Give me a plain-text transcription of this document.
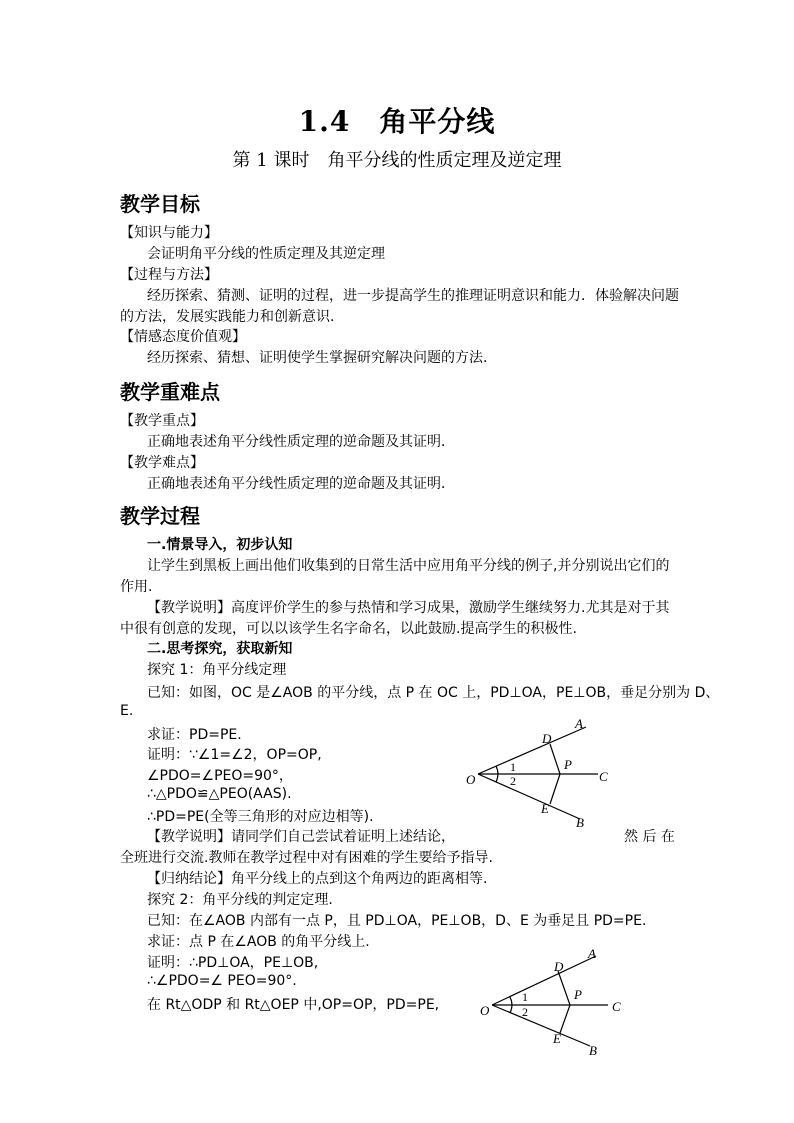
1.4　角平分线
第 1 课时　角平分线的性质定理及逆定理
教学目标
【知识与能力】
会证明角平分线的性质定理及其逆定理
【过程与方法】
经历探索、猜测、证明的过程，进一步提高学生的推理证明意识和能力．体验解决问题
的方法，发展实践能力和创新意识．
【情感态度价值观】
经历探索、猜想、证明使学生掌握研究解决问题的方法．
教学重难点
【教学重点】
正确地表述角平分线性质定理的逆命题及其证明．
【教学难点】
正确地表述角平分线性质定理的逆命题及其证明．
教学过程
一.情景导入，初步认知
让学生到黑板上画出他们收集到的日常生活中应用角平分线的例子,并分别说出它们的
作用.
【教学说明】高度评价学生的参与热情和学习成果，激励学生继续努力.尤其是对于其
中很有创意的发现，可以以该学生名字命名，以此鼓励.提高学生的积极性.
二.思考探究，获取新知
探究 1：角平分线定理
已知：如图，OC 是∠AOB 的平分线，点 P 在 OC 上，PD⊥OA，PE⊥OB，垂足分别为 D、
E.
求证：PD=PE.
证明：∵∠1=∠2，OP=OP,
∠PDO=∠PEO=90°，
∴△PDO≌△PEO(AAS).
∴PD=PE(全等三角形的对应边相等).
【教学说明】请同学们自己尝试着证明上述结论，	然 后 在
全班进行交流.教师在教学过程中对有困难的学生要给予指导.
【归纳结论】角平分线上的点到这个角两边的距离相等.
探究 2：角平分线的判定定理.
已知：在∠AOB 内部有一点 P，且 PD⊥OA，PE⊥OB，D、E 为垂足且 PD=PE.
求证：点 P 在∠AOB 的角平分线上.
证明：∴PD⊥OA，PE⊥OB,
∴∠PDO=∠ PEO=90°.
在 Rt△ODP 和 Rt△OEP 中,OP=OP，PD=PE,
O
A
B
C
D
E
P
1
2
O
A
B
C
D
E
P
1
2
